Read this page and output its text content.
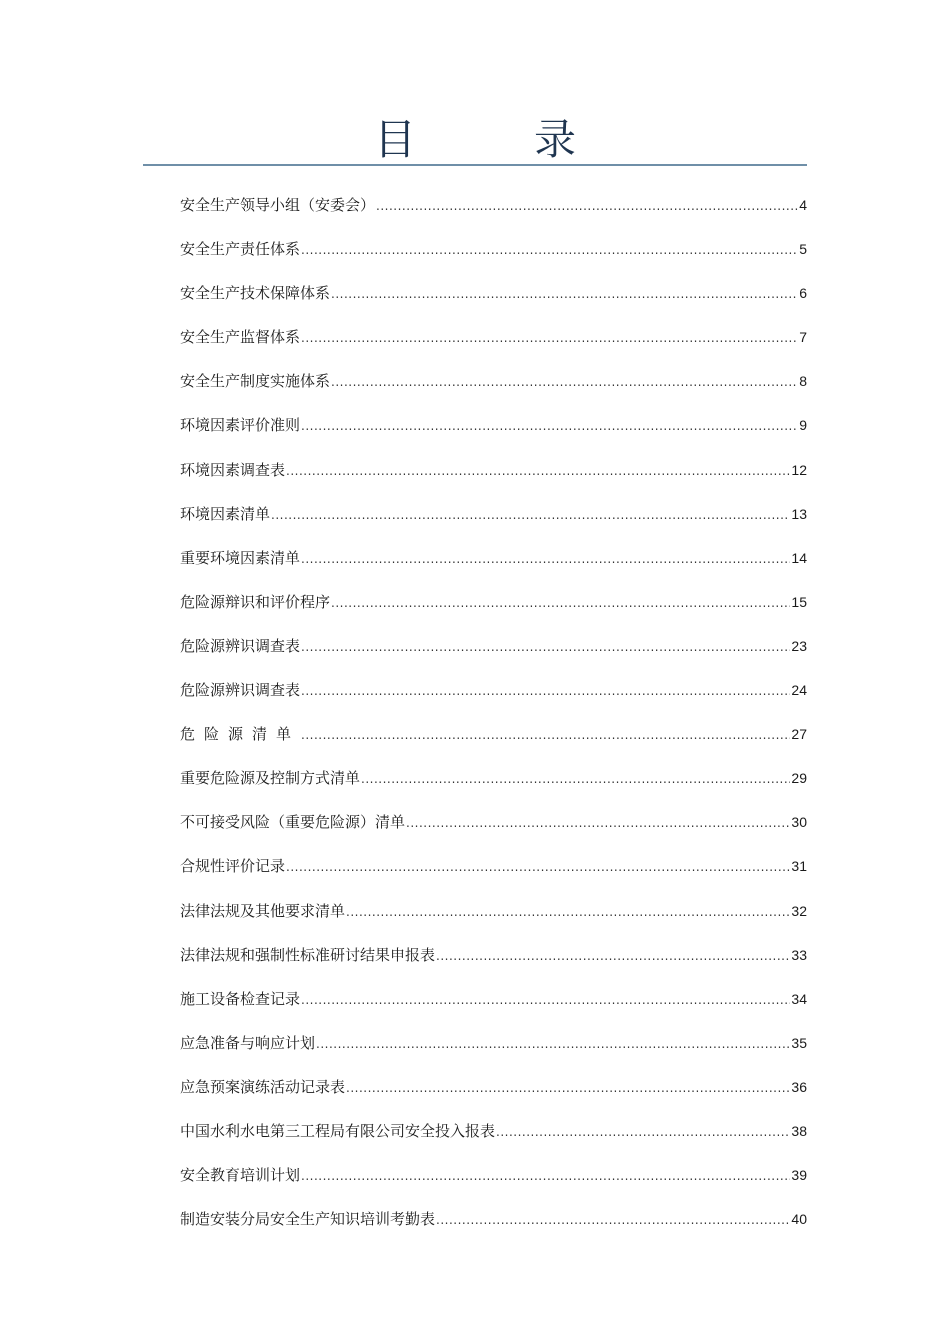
目　录
安全生产领导小组（安委会） .....	4
安全生产责任体系 .....	5
安全生产技术保障体系 .....	6
安全生产监督体系 .....	7
安全生产制度实施体系 .....	8
环境因素评价准则 .....	9
环境因素调查表 .....	12
环境因素清单 .....	13
重要环境因素清单 .....	14
危险源辩识和评价程序 .....	15
危险源辨识调查表 .....	23
危险源辨识调查表 .....	24
危险源清单 .....	27
重要危险源及控制方式清单 .....	29
不可接受风险（重要危险源）清单 .....	30
合规性评价记录 .....	31
法律法规及其他要求清单 .....	32
法律法规和强制性标准研讨结果申报表 .....	33
施工设备检查记录 .....	34
应急准备与响应计划 .....	35
应急预案演练活动记录表 .....	36
中国水利水电第三工程局有限公司安全投入报表 .....	38
安全教育培训计划 .....	39
制造安装分局安全生产知识培训考勤表 .....	40
